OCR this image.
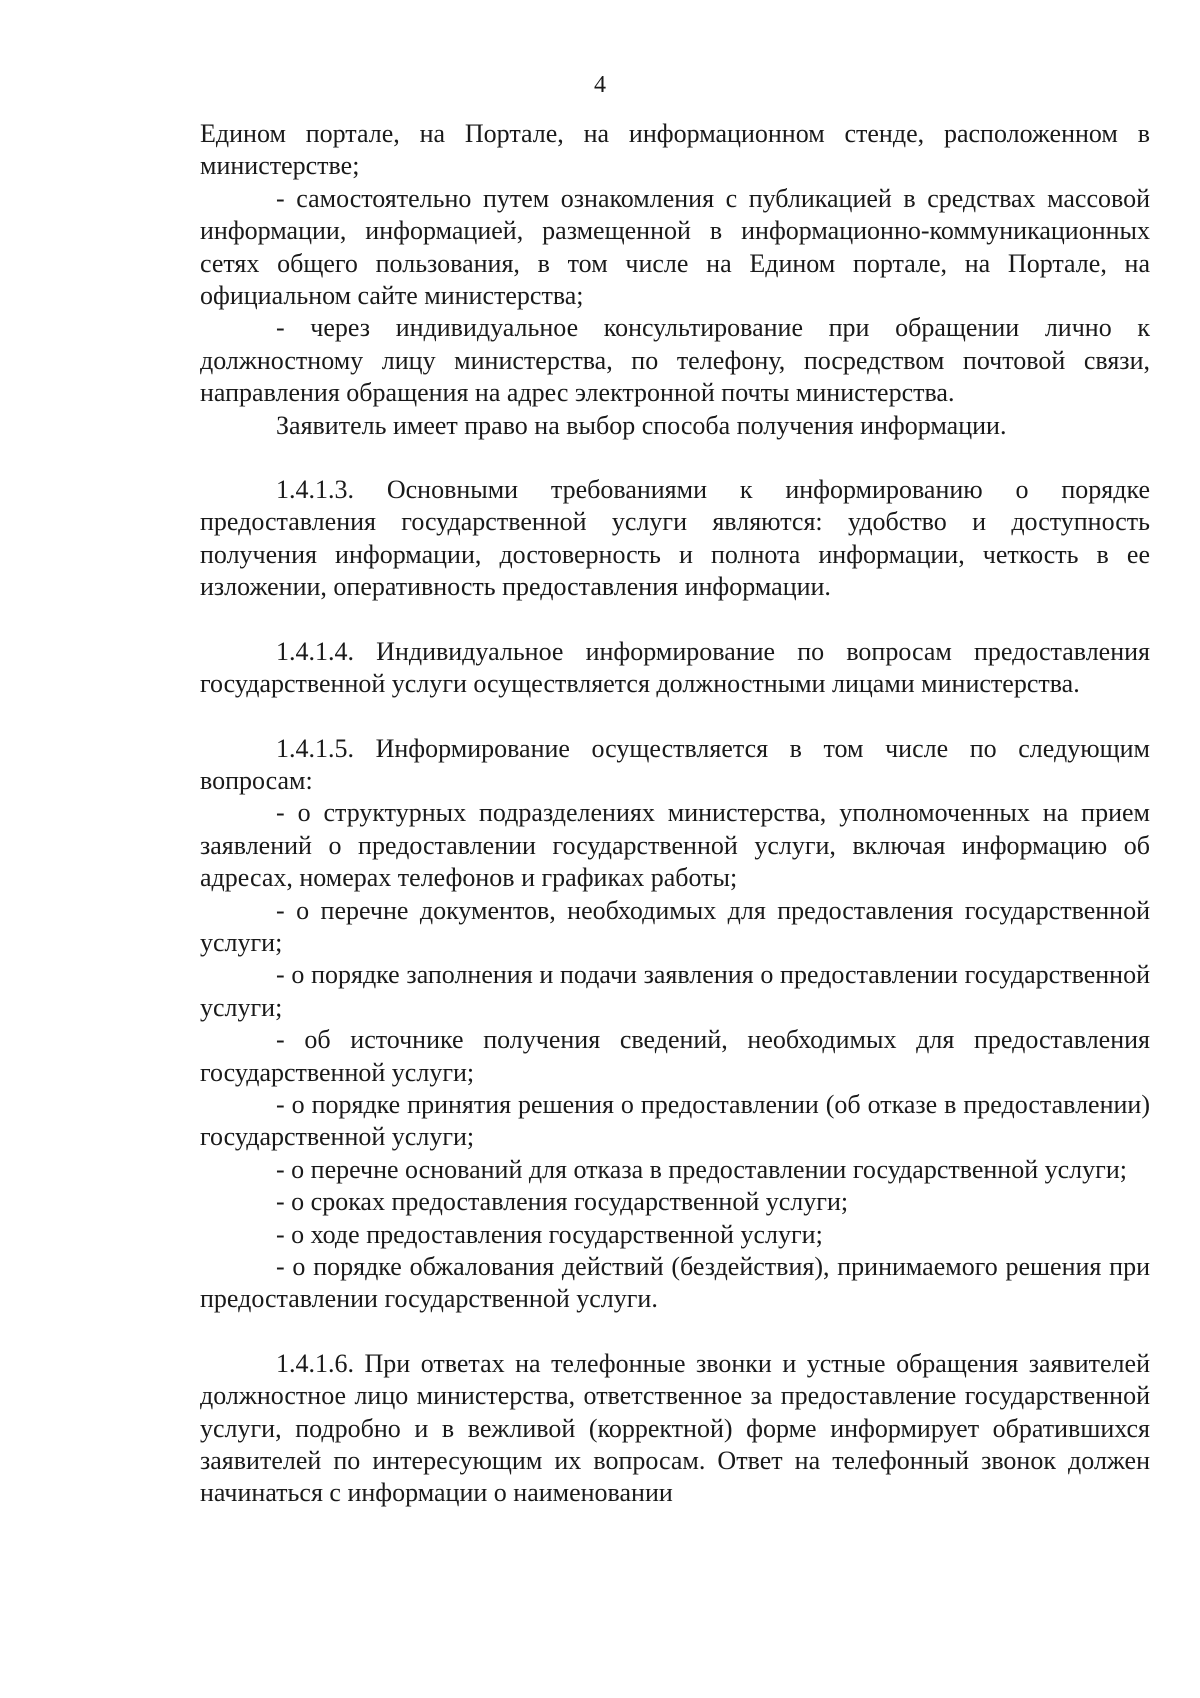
4

Едином портале, на Портале, на информационном стенде, расположенном в министерстве;

- самостоятельно путем ознакомления с публикацией в средствах массовой информации, информацией, размещенной в информационно-коммуникационных сетях общего пользования, в том числе на Едином портале, на Портале, на официальном сайте министерства;

- через индивидуальное консультирование при обращении лично к должностному лицу министерства, по телефону, посредством почтовой связи, направления обращения на адрес электронной почты министерства.

Заявитель имеет право на выбор способа получения информации.

1.4.1.3. Основными требованиями к информированию о порядке предоставления государственной услуги являются: удобство и доступность получения информации, достоверность и полнота информации, четкость в ее изложении, оперативность предоставления информации.

1.4.1.4. Индивидуальное информирование по вопросам предоставления государственной услуги осуществляется должностными лицами министерства.

1.4.1.5. Информирование осуществляется в том числе по следующим вопросам:

- о структурных подразделениях министерства, уполномоченных на прием заявлений о предоставлении государственной услуги, включая информацию об адресах, номерах телефонов и графиках работы;

- о перечне документов, необходимых для предоставления государственной услуги;

- о порядке заполнения и подачи заявления о предоставлении государственной услуги;

- об источнике получения сведений, необходимых для предоставления государственной услуги;

- о порядке принятия решения о предоставлении (об отказе в предоставлении) государственной услуги;

- о перечне оснований для отказа в предоставлении государственной услуги;

- о сроках предоставления государственной услуги;

- о ходе предоставления государственной услуги;

- о порядке обжалования действий (бездействия), принимаемого решения при предоставлении государственной услуги.

1.4.1.6. При ответах на телефонные звонки и устные обращения заявителей должностное лицо министерства, ответственное за предоставление государственной услуги, подробно и в вежливой (корректной) форме информирует обратившихся заявителей по интересующим их вопросам. Ответ на телефонный звонок должен начинаться с информации о наименовании
